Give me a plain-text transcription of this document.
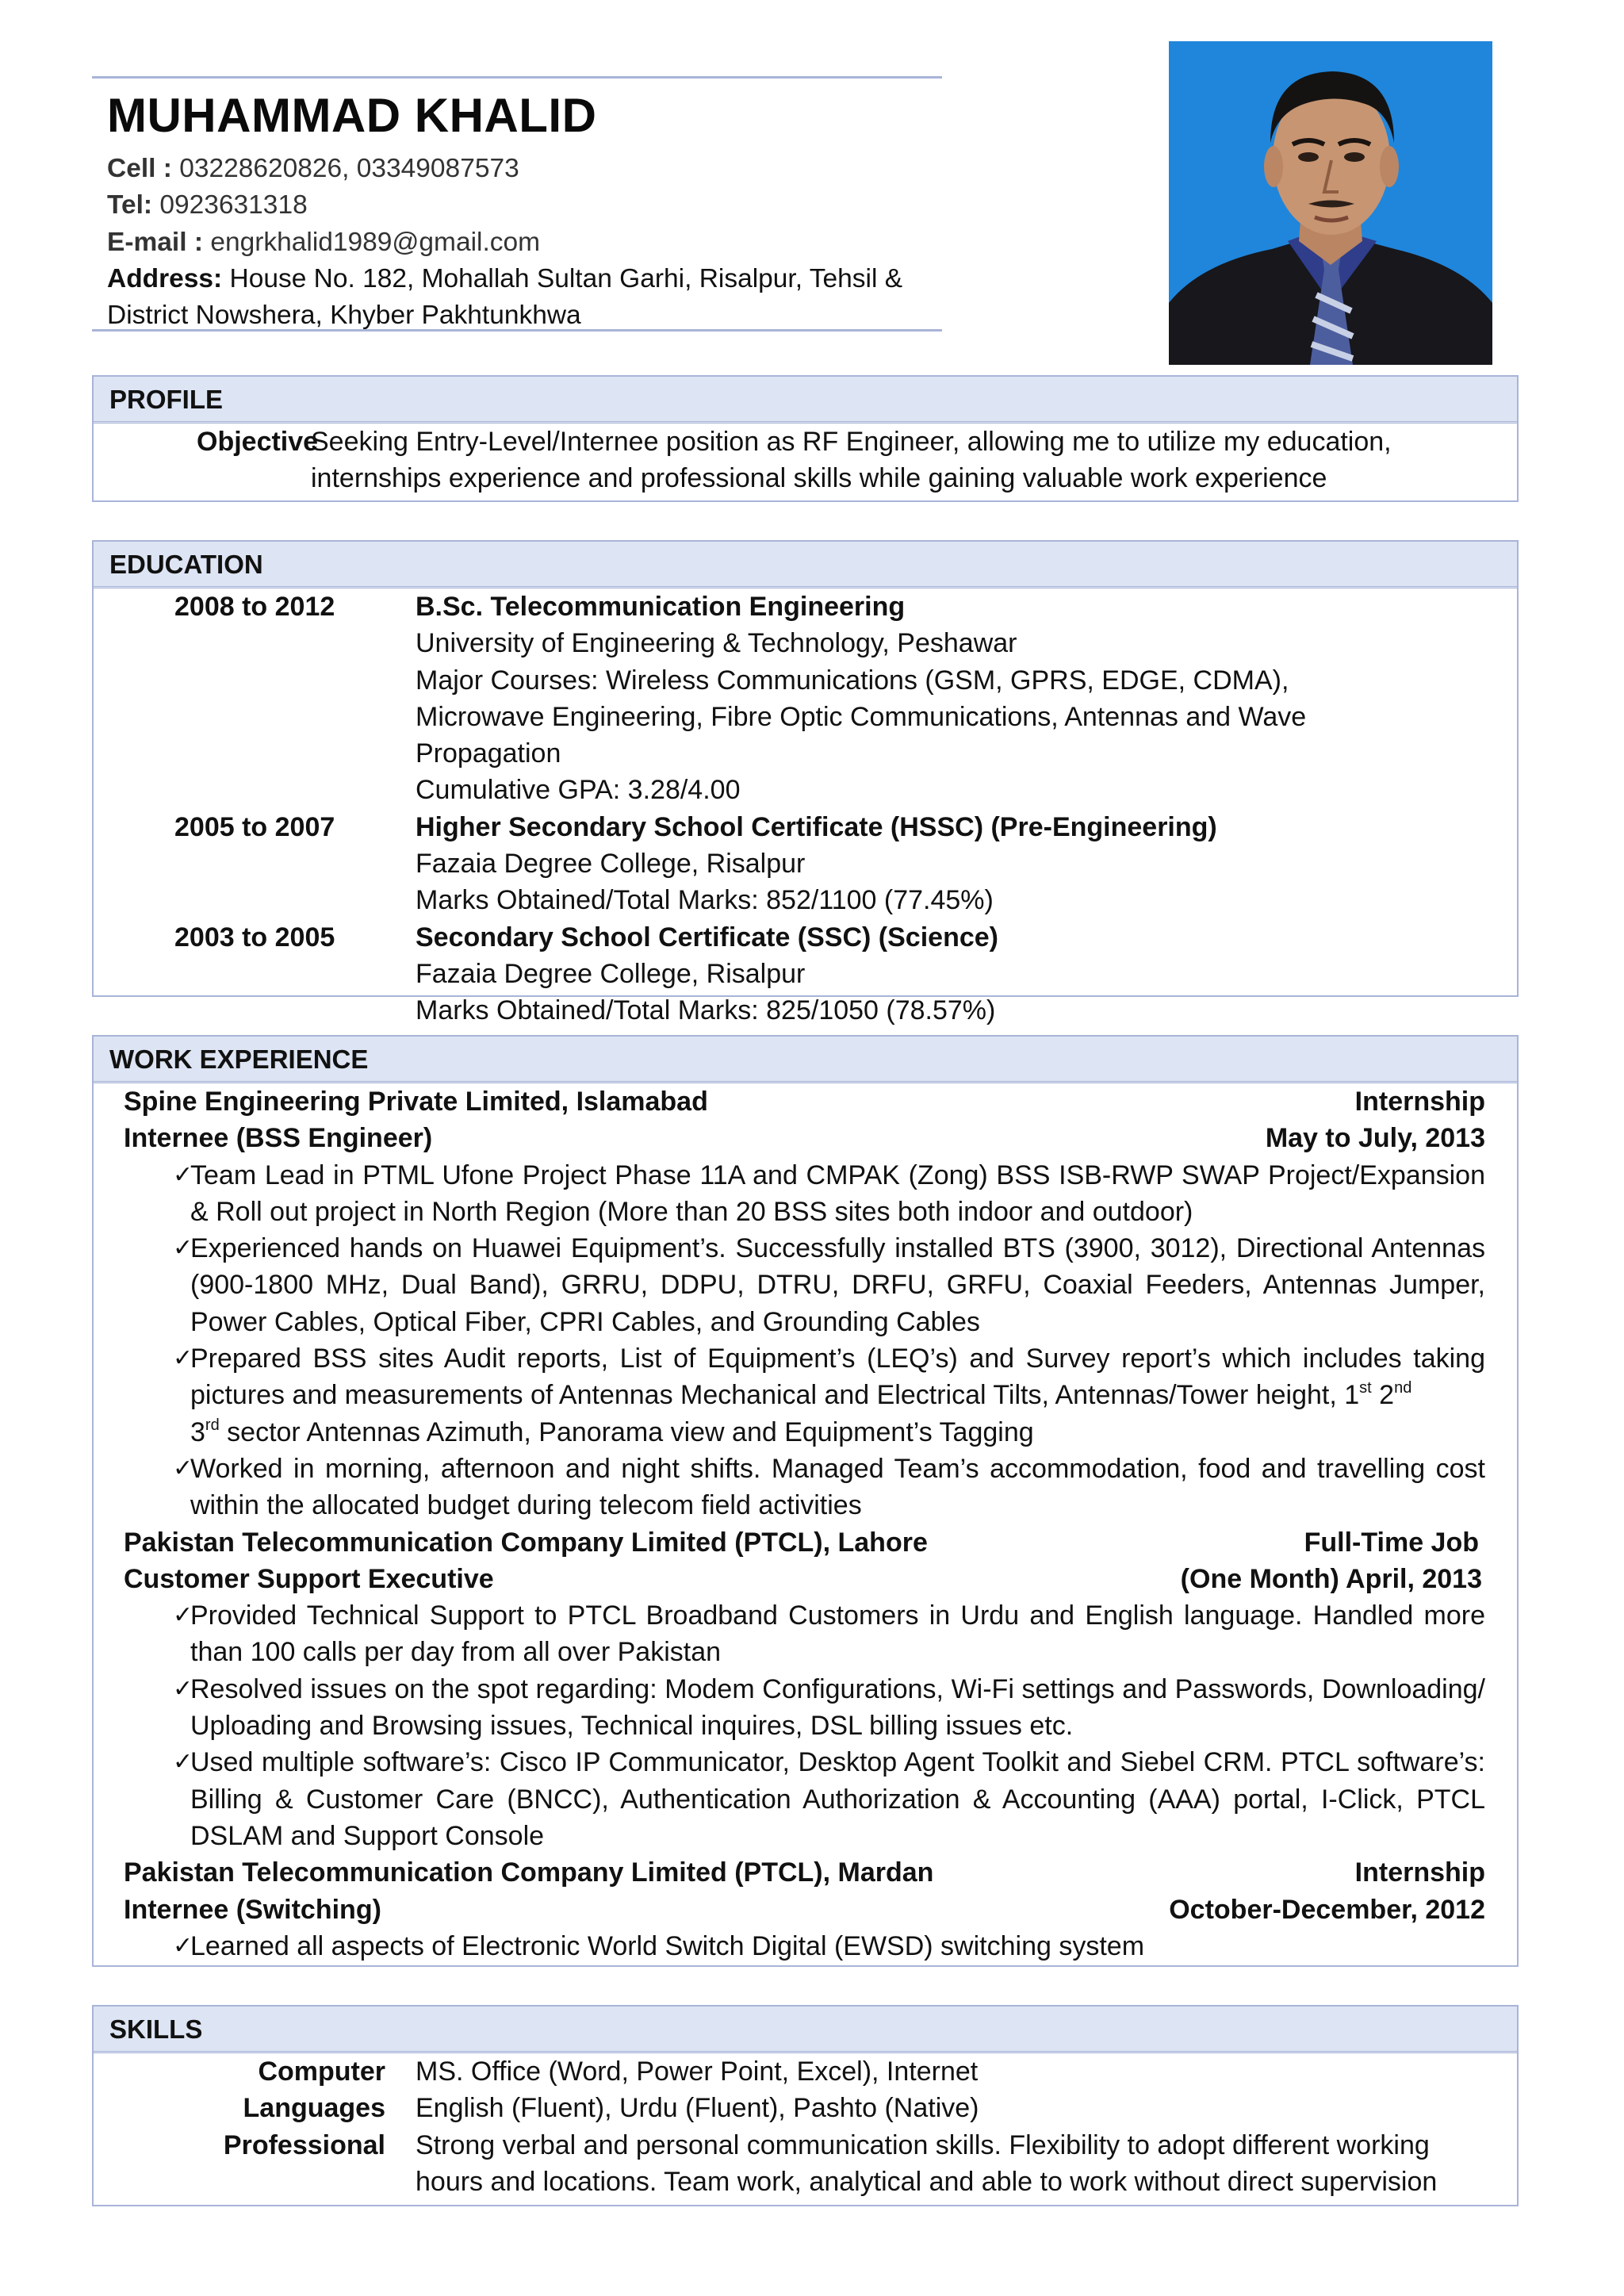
MUHAMMAD KHALID
Cell : 03228620826, 03349087573
Tel: 0923631318
E-mail : engrkhalid1989@gmail.com
Address: House No. 182, Mohallah Sultan Garhi, Risalpur, Tehsil &
District Nowshera, Khyber Pakhtunkhwa
PROFILE
Objective
Seeking Entry-Level/Internee position as RF Engineer, allowing me to utilize my education, internships experience and professional skills while gaining valuable work experience
EDUCATION
2008 to 2012	B.Sc. Telecommunication Engineering
University of Engineering & Technology, Peshawar
Major Courses: Wireless Communications (GSM, GPRS, EDGE, CDMA), Microwave Engineering, Fibre Optic Communications, Antennas and Wave Propagation
Cumulative GPA: 3.28/4.00
2005 to 2007	Higher Secondary School Certificate (HSSC) (Pre-Engineering)
Fazaia Degree College, Risalpur
Marks Obtained/Total Marks: 852/1100 (77.45%)
2003 to 2005	Secondary School Certificate (SSC) (Science)
Fazaia Degree College, Risalpur
Marks Obtained/Total Marks: 825/1050 (78.57%)
WORK EXPERIENCE
Spine Engineering Private Limited, Islamabad	Internship
Internee (BSS Engineer)	May to July, 2013
✓
Team Lead in PTML Ufone Project Phase 11A and CMPAK (Zong) BSS ISB-RWP SWAP Project/Expansion & Roll out project in North Region (More than 20 BSS sites both indoor and outdoor)
✓
Experienced hands on Huawei Equipment’s. Successfully installed BTS (3900, 3012), Directional Antennas (900-1800 MHz, Dual Band), GRRU, DDPU, DTRU, DRFU, GRFU, Coaxial Feeders, Antennas Jumper, Power Cables, Optical Fiber, CPRI Cables, and Grounding Cables
✓
Prepared BSS sites Audit reports, List of Equipment’s (LEQ’s) and Survey report’s which includes taking pictures and measurements of Antennas Mechanical and Electrical Tilts, Antennas/Tower height, 1st 2nd
3rd sector Antennas Azimuth, Panorama view and Equipment’s Tagging
✓
Worked in morning, afternoon and night shifts. Managed Team’s accommodation, food and travelling cost within the allocated budget during telecom field activities
Pakistan Telecommunication Company Limited (PTCL), Lahore	Full-Time Job
Customer Support Executive	(One Month) April, 2013
✓
Provided Technical Support to PTCL Broadband Customers in Urdu and English language. Handled more than 100 calls per day from all over Pakistan
✓
Resolved issues on the spot regarding: Modem Configurations, Wi-Fi settings and Passwords, Downloading/ Uploading and Browsing issues, Technical inquires, DSL billing issues etc.
✓
Used multiple software’s: Cisco IP Communicator, Desktop Agent Toolkit and Siebel CRM. PTCL software’s: Billing & Customer Care (BNCC), Authentication Authorization & Accounting (AAA) portal, I-Click, PTCL DSLAM and Support Console
Pakistan Telecommunication Company Limited (PTCL), Mardan	Internship
Internee (Switching)	October-December, 2012
✓
Learned all aspects of Electronic World Switch Digital (EWSD) switching system
SKILLS
Computer	MS. Office (Word, Power Point, Excel), Internet
Languages	English (Fluent), Urdu (Fluent), Pashto (Native)
Professional	Strong verbal and personal communication skills. Flexibility to adopt different working hours and locations. Team work, analytical and able to work without direct supervision
